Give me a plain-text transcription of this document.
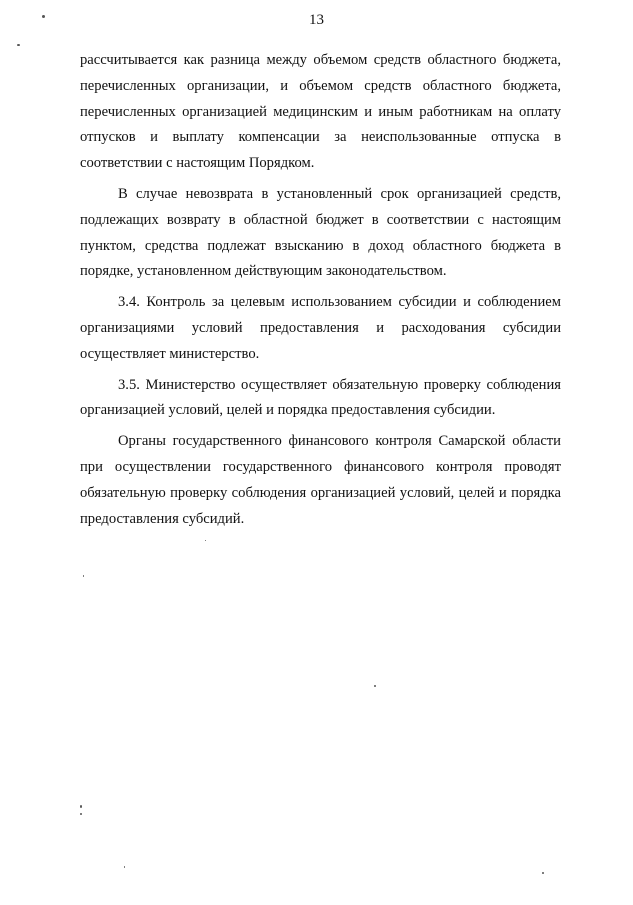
13

рассчитывается как разница между объемом средств областного бюджета, перечисленных организации, и объемом средств областного бюджета, перечисленных организацией медицинским и иным работникам на оплату отпусков и выплату компенсации за неиспользованные отпуска в соответствии с настоящим Порядком.

В случае невозврата в установленный срок организацией средств, подлежащих возврату в областной бюджет в соответствии с настоящим пунктом, средства подлежат взысканию в доход областного бюджета в порядке, установленном действующим законодательством.

3.4. Контроль за целевым использованием субсидии и соблюдением организациями условий предоставления и расходования субсидии осуществляет министерство.

3.5. Министерство осуществляет обязательную проверку соблюдения организацией условий, целей и порядка предоставления субсидии.

Органы государственного финансового контроля Самарской области при осуществлении государственного финансового контроля проводят обязательную проверку соблюдения организацией условий, целей и порядка предоставления субсидий.
